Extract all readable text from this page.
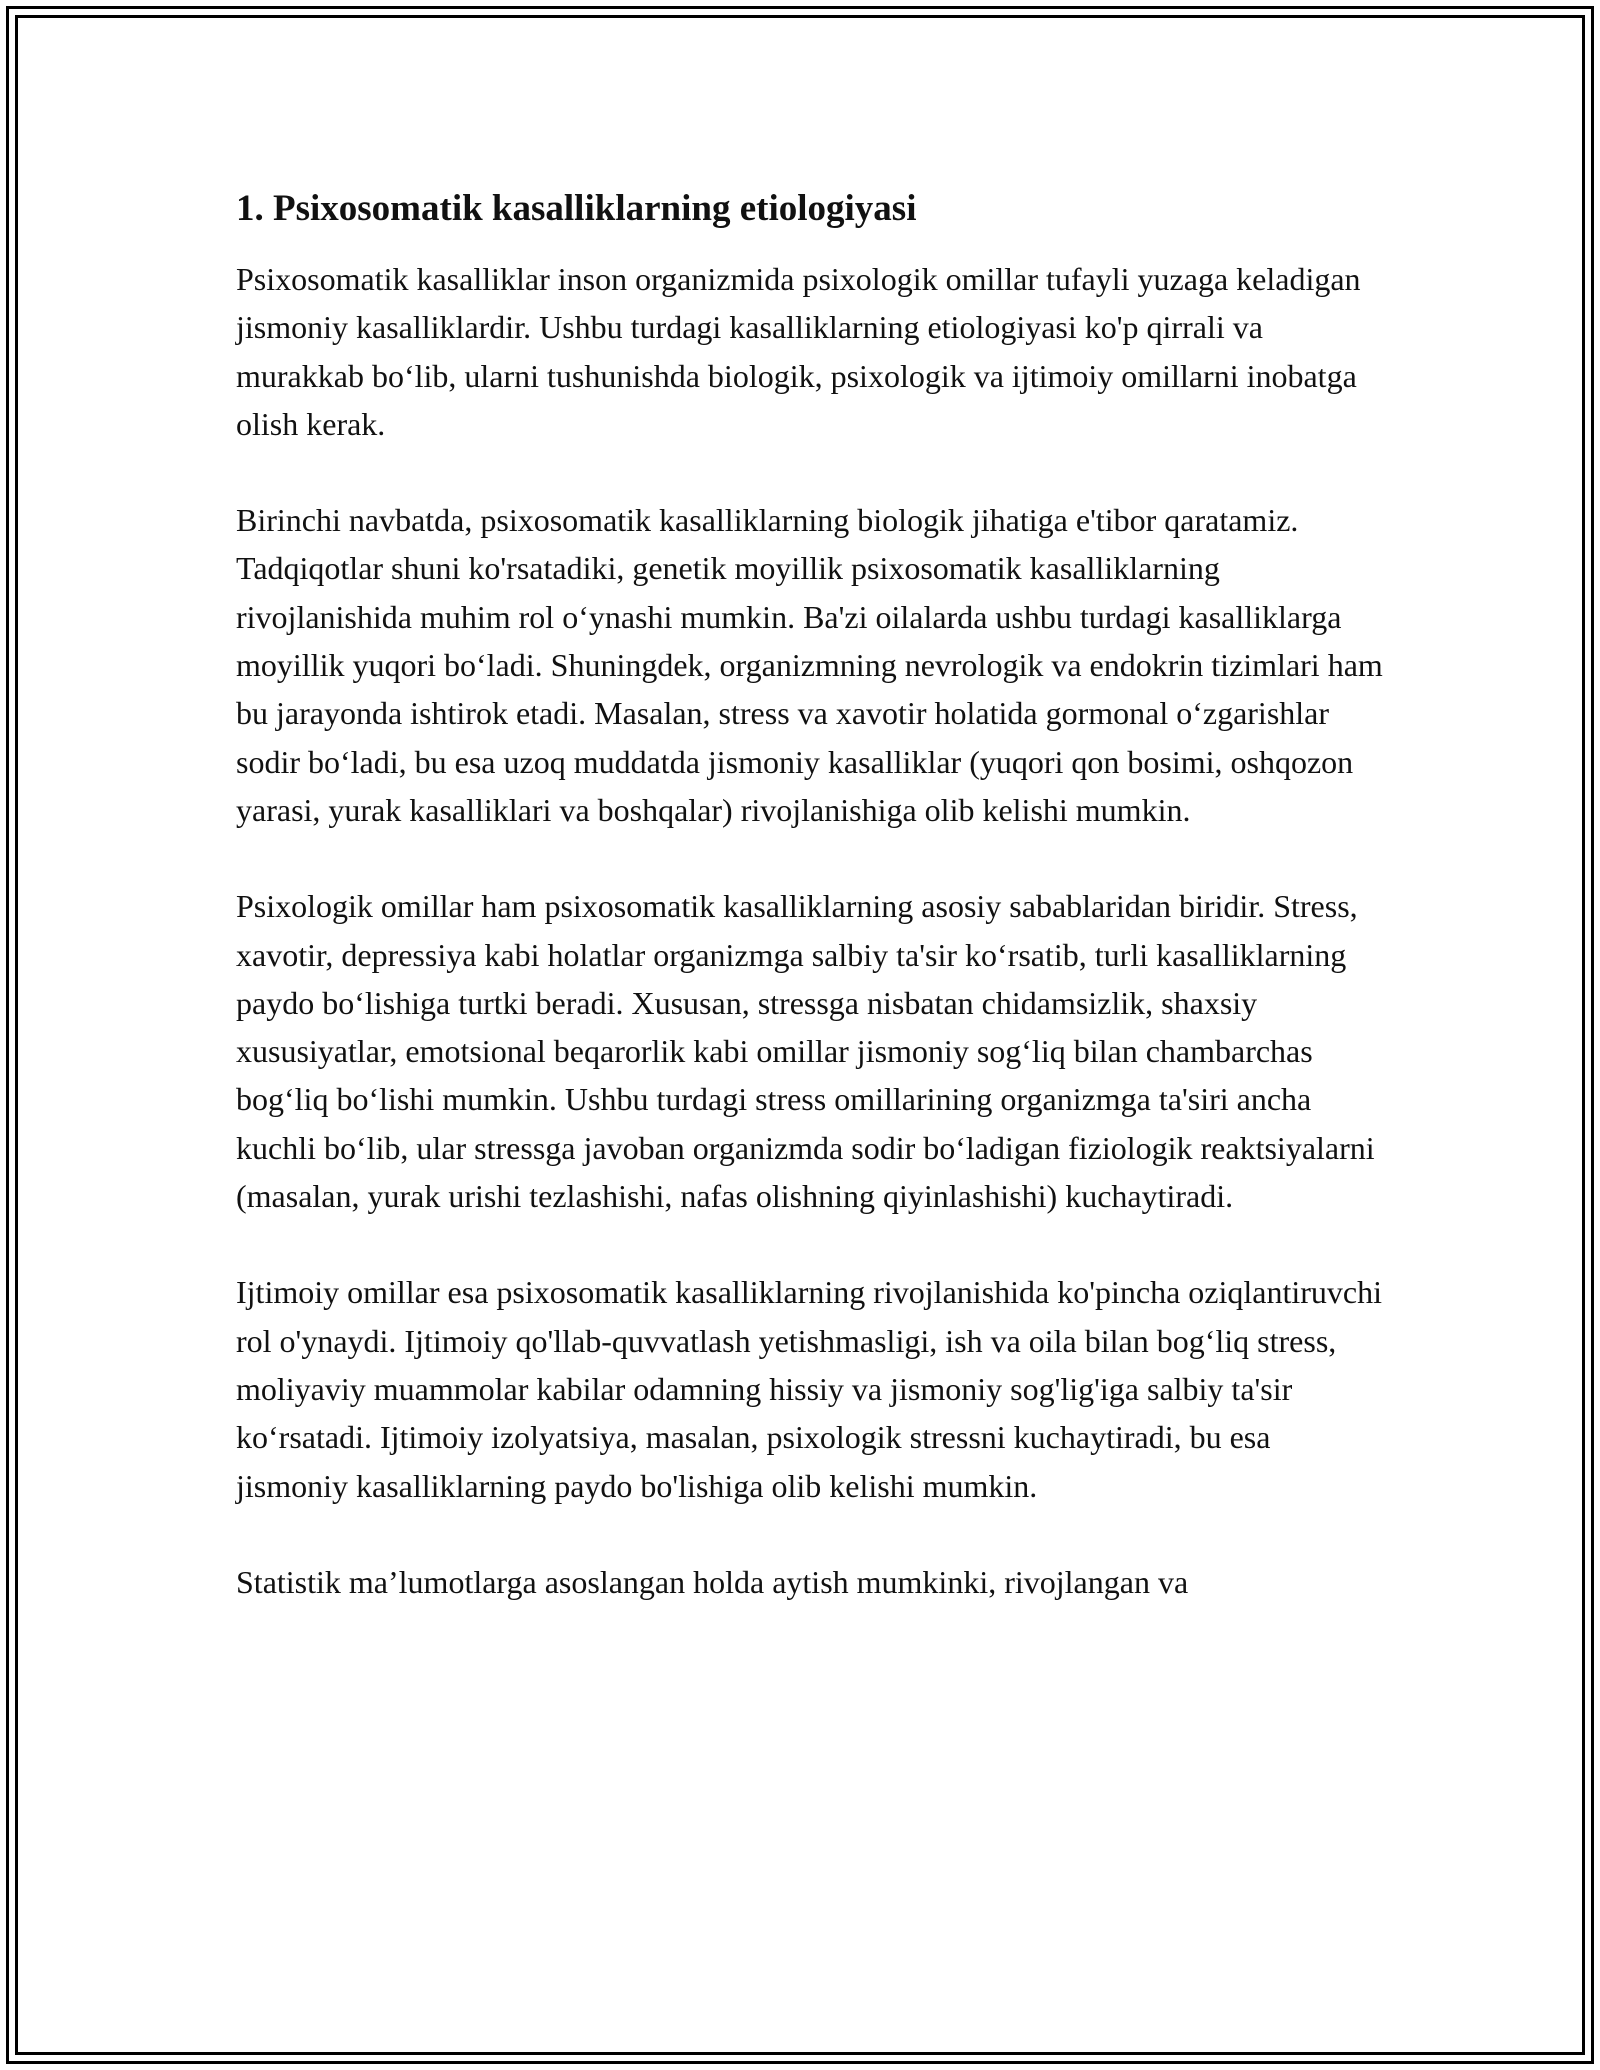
1. Psixosomatik kasalliklarning etiologiyasi

Psixosomatik kasalliklar inson organizmida psixologik omillar tufayli yuzaga keladigan jismoniy kasalliklardir. Ushbu turdagi kasalliklarning etiologiyasi ko'p qirrali va murakkab bo‘lib, ularni tushunishda biologik, psixologik va ijtimoiy omillarni inobatga olish kerak.

Birinchi navbatda, psixosomatik kasalliklarning biologik jihatiga e'tibor qaratamiz. Tadqiqotlar shuni ko'rsatadiki, genetik moyillik psixosomatik kasalliklarning rivojlanishida muhim rol o‘ynashi mumkin. Ba'zi oilalarda ushbu turdagi kasalliklarga moyillik yuqori bo‘ladi. Shuningdek, organizmning nevrologik va endokrin tizimlari ham bu jarayonda ishtirok etadi. Masalan, stress va xavotir holatida gormonal o‘zgarishlar sodir bo‘ladi, bu esa uzoq muddatda jismoniy kasalliklar (yuqori qon bosimi, oshqozon yarasi, yurak kasalliklari va boshqalar) rivojlanishiga olib kelishi mumkin.

Psixologik omillar ham psixosomatik kasalliklarning asosiy sabablaridan biridir. Stress, xavotir, depressiya kabi holatlar organizmga salbiy ta'sir ko‘rsatib, turli kasalliklarning paydo bo‘lishiga turtki beradi. Xususan, stressga nisbatan chidamsizlik, shaxsiy xususiyatlar, emotsional beqarorlik kabi omillar jismoniy sog‘liq bilan chambarchas bog‘liq bo‘lishi mumkin. Ushbu turdagi stress omillarining organizmga ta'siri ancha kuchli bo‘lib, ular stressga javoban organizmda sodir bo‘ladigan fiziologik reaktsiyalarni (masalan, yurak urishi tezlashishi, nafas olishning qiyinlashishi) kuchaytiradi.

Ijtimoiy omillar esa psixosomatik kasalliklarning rivojlanishida ko'pincha oziqlantiruvchi rol o'ynaydi. Ijtimoiy qo'llab-quvvatlash yetishmasligi, ish va oila bilan bog‘liq stress, moliyaviy muammolar kabilar odamning hissiy va jismoniy sog'lig'iga salbiy ta'sir ko‘rsatadi. Ijtimoiy izolyatsiya, masalan, psixologik stressni kuchaytiradi, bu esa jismoniy kasalliklarning paydo bo'lishiga olib kelishi mumkin.

Statistik ma’lumotlarga asoslangan holda aytish mumkinki, rivojlangan va
